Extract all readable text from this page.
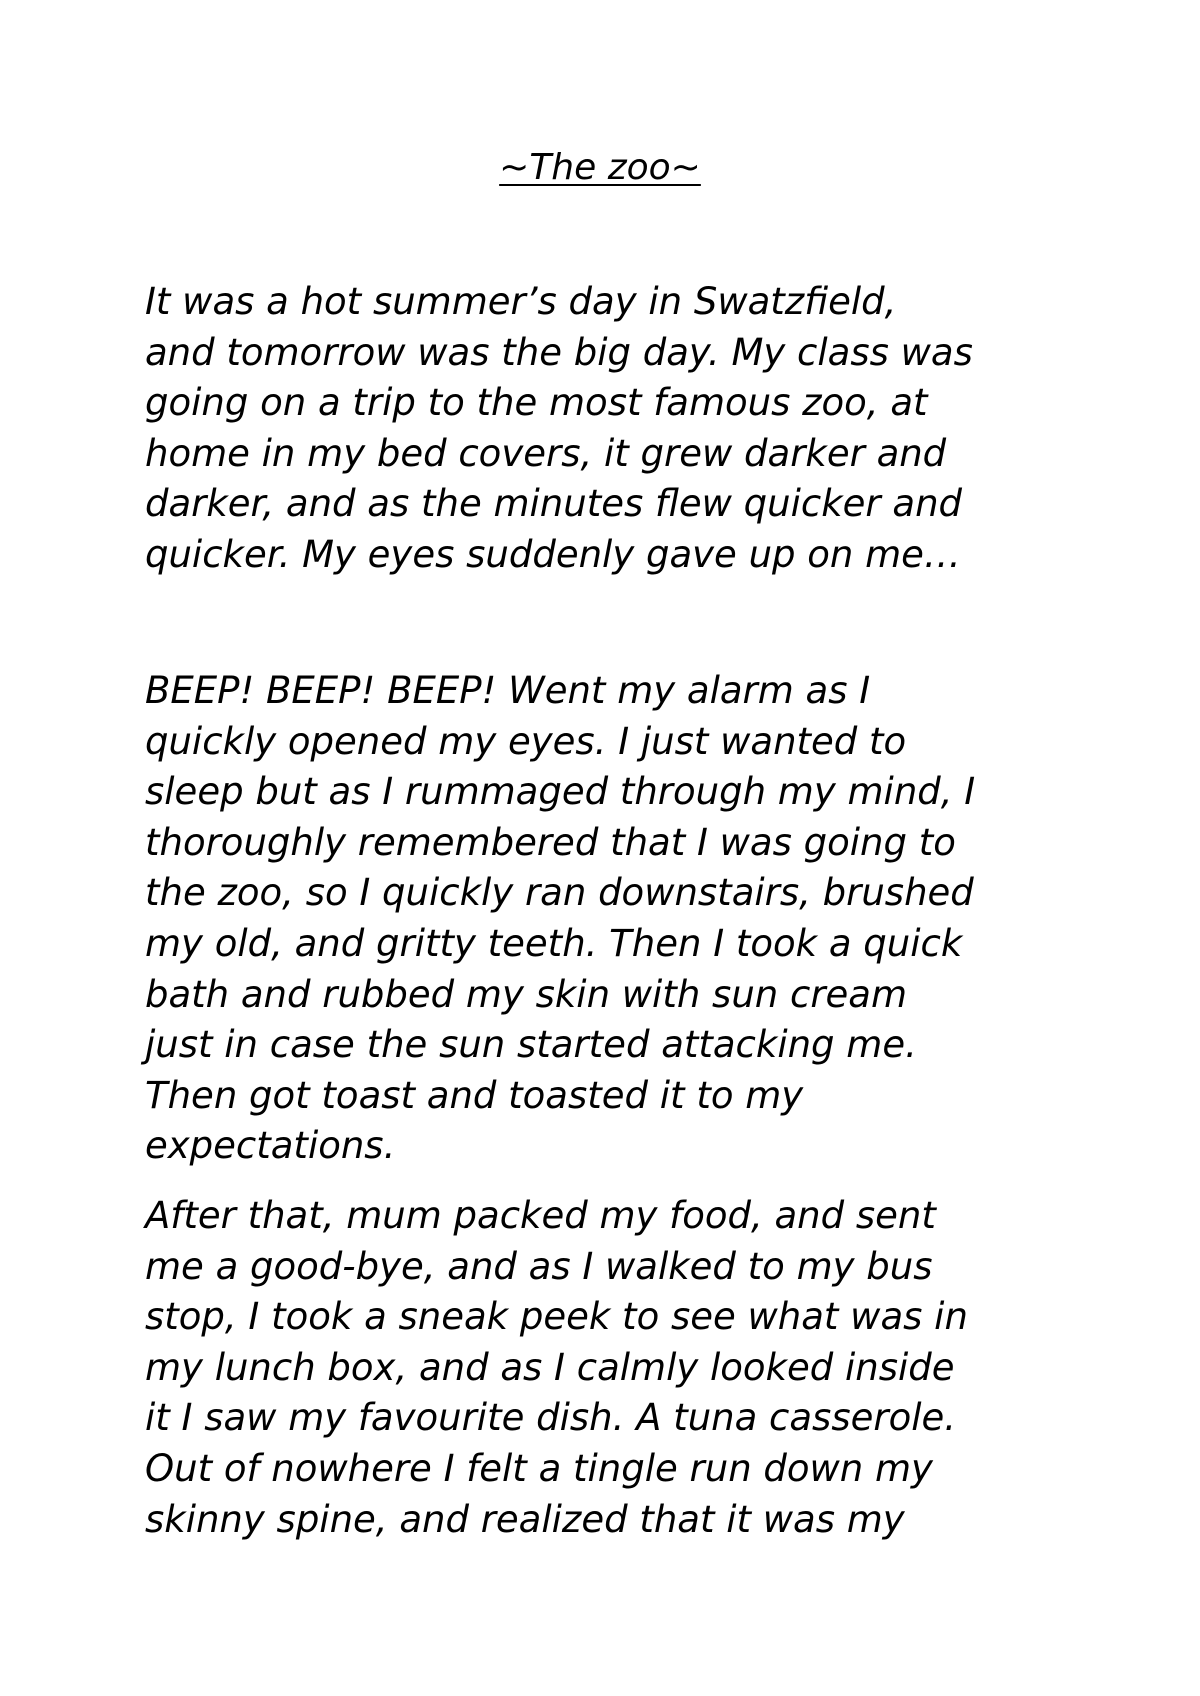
~The zoo~
It was a hot summer’s day in Swatzfield,
and tomorrow was the big day. My class was
going on a trip to the most famous zoo, at
home in my bed covers, it grew darker and
darker, and as the minutes flew quicker and
quicker. My eyes suddenly gave up on me…
BEEP! BEEP! BEEP! Went my alarm as I
quickly opened my eyes. I just wanted to
sleep but as I rummaged through my mind, I
thoroughly remembered that I was going to
the zoo, so I quickly ran downstairs, brushed
my old, and gritty teeth. Then I took a quick
bath and rubbed my skin with sun cream
just in case the sun started attacking me.
Then got toast and toasted it to my
expectations.
After that, mum packed my food, and sent
me a good-bye, and as I walked to my bus
stop, I took a sneak peek to see what was in
my lunch box, and as I calmly looked inside
it I saw my favourite dish. A tuna casserole.
Out of nowhere I felt a tingle run down my
skinny spine, and realized that it was my
